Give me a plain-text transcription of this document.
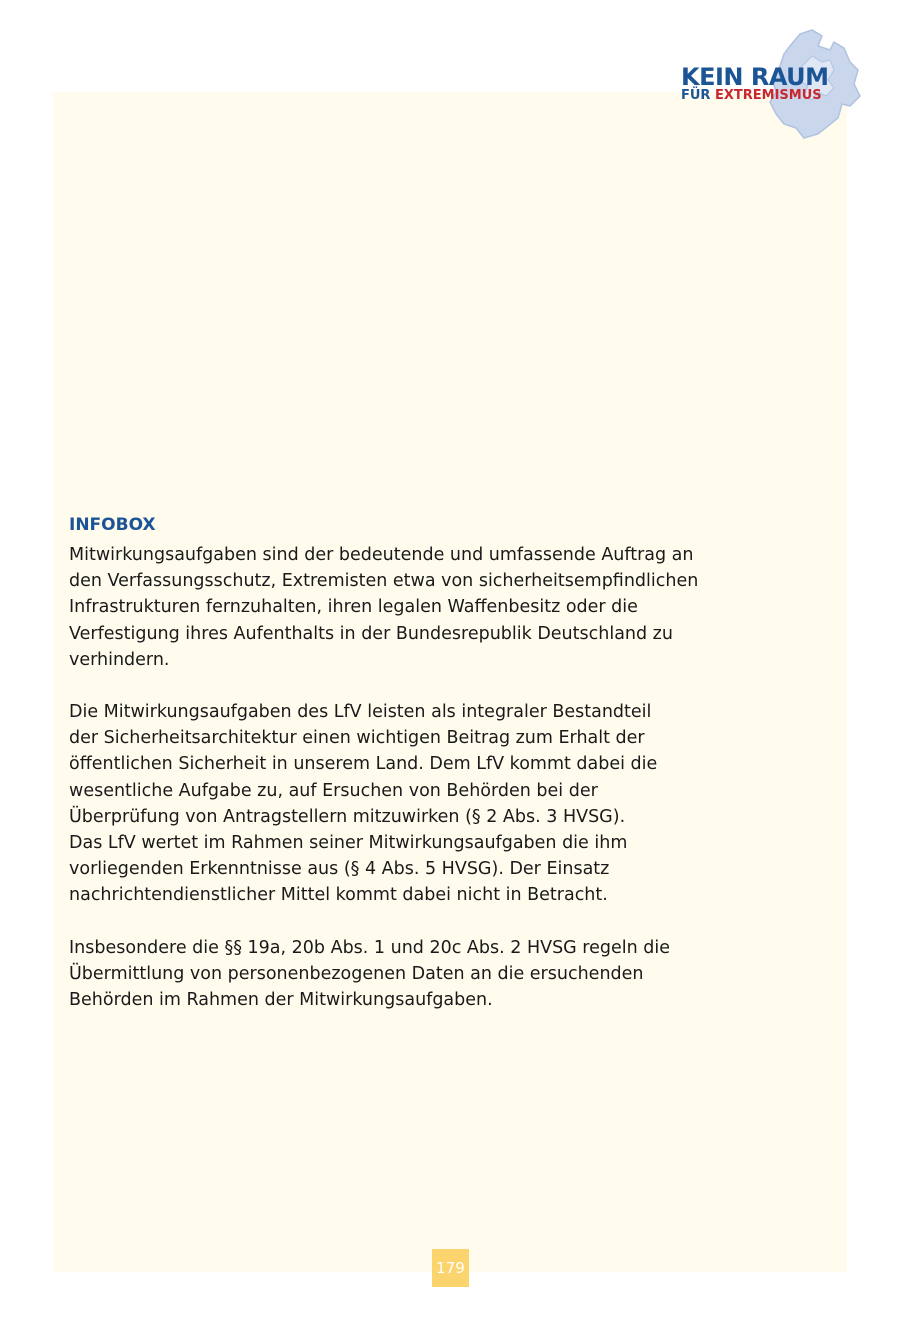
KEIN RAUM
FÜR EXTREMISMUS
INFOBOX
Mitwirkungsaufgaben sind der bedeutende und umfassende Auftrag an
den Verfassungsschutz, Extremisten etwa von sicherheitsempfindlichen
Infrastrukturen fernzuhalten, ihren legalen Waffenbesitz oder die
Verfestigung ihres Aufenthalts in der Bundesrepublik Deutschland zu
verhindern.
Die Mitwirkungsaufgaben des LfV leisten als integraler Bestandteil
der Sicherheitsarchitektur einen wichtigen Beitrag zum Erhalt der
öffentlichen Sicherheit in unserem Land. Dem LfV kommt dabei die
wesentliche Aufgabe zu, auf Ersuchen von Behörden bei der
Überprüfung von Antragstellern mitzuwirken (§ 2 Abs. 3 HVSG).
Das LfV wertet im Rahmen seiner Mitwirkungsaufgaben die ihm
vorliegenden Erkenntnisse aus (§ 4 Abs. 5 HVSG). Der Einsatz
nachrichtendienstlicher Mittel kommt dabei nicht in Betracht.
Insbesondere die §§ 19a, 20b Abs. 1 und 20c Abs. 2 HVSG regeln die
Übermittlung von personenbezogenen Daten an die ersuchenden
Behörden im Rahmen der Mitwirkungsaufgaben.
179
